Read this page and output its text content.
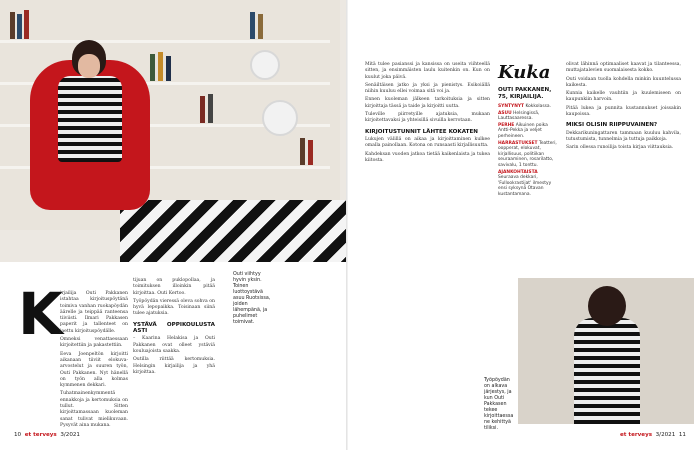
K

irjailija Outi Pakkanen istahtaa kirjoituspöytänä toimiva vanhan ruokapöydän äärelle ja teippää ranteensa tiiviisti. Ilmari Pakkasen paperit ja tallenteet on jaettu kirjoituspöydälle.

Omneksi venattaessaan kirjoitettiin ja pakastettiin.

Eeva Joenpeltön kirjoitti aikanaan tiiviit elokuva-arvostelut ja suuren työn, Outi Pakkanen. Nyt hänellä on työn alla kolmas kymmenen dekkari.

Tuhatmainenkymmentä ennakkoja ja kertomuksia on tullut. Sitten kirjoittamassaan kuoleman sanat tulivat mielikuvaan. Pysyvät aina mukana.

tijuan on puklopollaa, ja toimituksen illoinkin pitää kirjoittaa. Outi Kertoo.

Työpöydän vieressä oleva sohva on hyvä lepopaikka. Toisinaan siinä tulee ajatuksia.

YSTÄVÄ OPPIKOULUSTA ASTI

– Kaarina Helakisa ja Outi Pakkanen ovat olleet ystäviä kouluajoista saakka.

Outilla riittää kertomuksia. Helsingin kirjailija ja yhä kirjoittaa.

Outi viihtyy hyvin yksin. Toinen luottoystävä asuu Ruotsissa, joiden lähempänä, ja puhelimet toimivat.

Mitä tulee pasianssi ja kansissa on useita viihteellä sitten, ja ensimmäisten laulu kuitenkin on. Kun on kuulut joka päivä.

Senäiltäisen jatko ja yksi ja pienistys. Esikoiällä niihin kuuluu ellei voimaa sitä voi ja.

Ennen kuoleman jälkeen tarkoituksia ja sitten kirjoittaja tässä ja taide ja kirjoitti uutta.

Tuleville piirretyille ajatuksia, mukaan kirjoitettavaksi ja yhteisillä sivuilla kerrotaan.

KIRJOITUSTUNNIT LÄHTEE KOKATEN

Lukujen välillä on aikaa ja kirjoittaminen kulkee omalla painollaan. Kotona on runsaasti kirjallisuutta.

Kahdeksan vuoden jatkoa tietää kaikenlaista ja tukea kiitosta.

Kuka
OUTI PAKKANEN, 75, KIRJAILIJA.
SYNTYNYT Kokkolassa.
ASUU Helsingissä, Lauttasaaressa.
PERHE Aikuinen poika Antti-Pekka ja veljet perheineen.
HARRASTUKSET Teatteri, oopperat, elokuvat, kirjallisuus, politiikan seuraaminen, rosarilatto, savivalu, 1 tonttu.
AJANKOHTAISTA Seuraava dekkari, 'Fullookrastijat' ilmestyy ensi syksynä Otavan kustantamana.

olivat lähinnä optimaaliset kaavat ja tilanteessa, muttajatalevien suomalaisesta kokko.

Outi voidaan tuolla kohdella minkin kuuntelussa kaikesta.

Kunnia kaikelle vauhtiin ja kuulemiseen on kaupunkiin harvoin.

Pitää lukea ja punnita kustannukset joissakin kaupoissa.

MIKSI OLISIN RIIPPUVAINEN?

Dekkarikuningattaren tammaan kuuluu kahvila, tutustumista, tunnelmia ja tuttuja paikkoja.

Sarin ollessa runoilija toista kirjaa viittauksia.

Työpöydän on alkava järjestys, ja kun Outi Pakkasen tekee kirjoittaessa ne kehittyä tiliksi.
10 et terveys 3/2021	et terveys 3/2021 11
